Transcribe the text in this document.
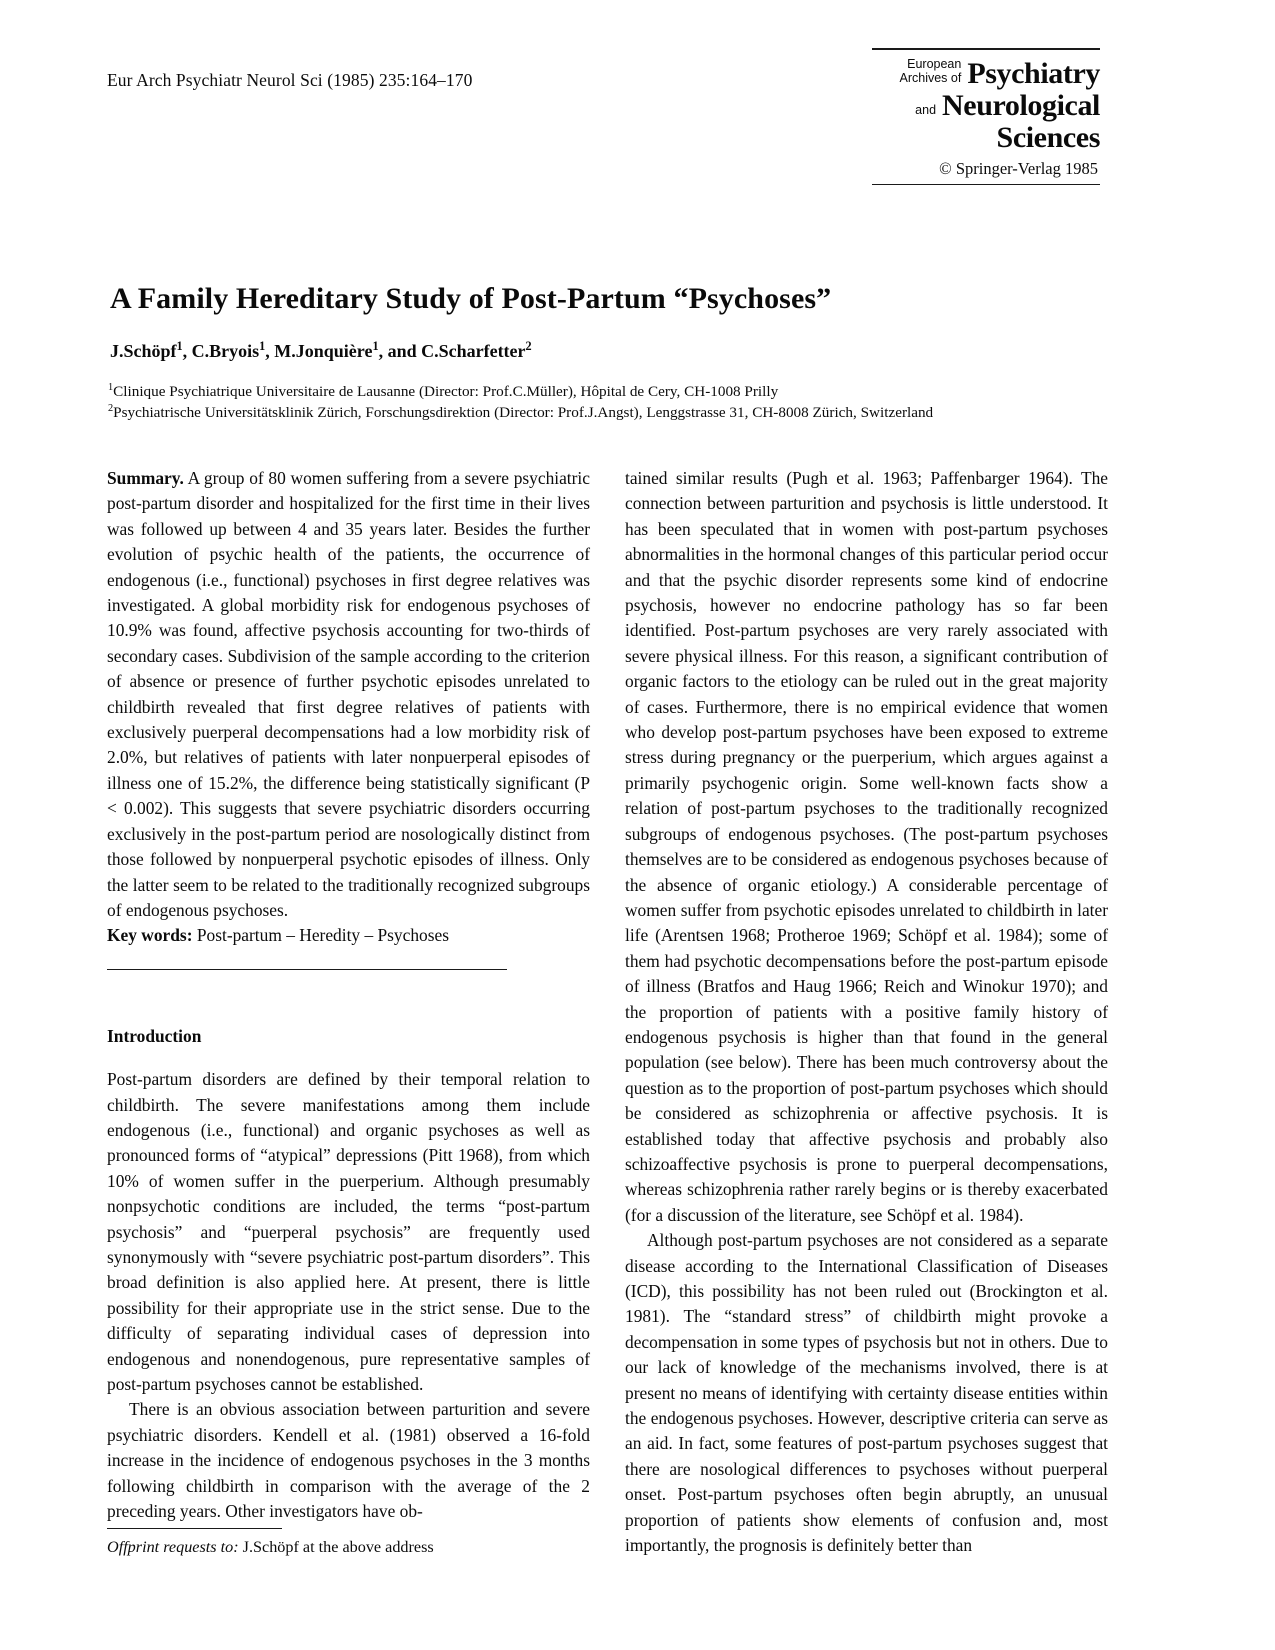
Eur Arch Psychiatr Neurol Sci (1985) 235:164–170
European
Archives of Psychiatry
and Neurological
Sciences
© Springer-Verlag 1985
A Family Hereditary Study of Post-Partum “Psychoses”
J.Schöpf$^1$, C.Bryois$^1$, M.Jonquière$^1$, and C.Scharfetter$^2$
$^1$Clinique Psychiatrique Universitaire de Lausanne (Director: Prof.C.Müller), Hôpital de Cery, CH-1008 Prilly
$^2$Psychiatrische Universitätsklinik Zürich, Forschungsdirektion (Director: Prof.J.Angst), Lenggstrasse 31, CH-8008 Zürich, Switzerland

Summary. A group of 80 women suffering from a severe psychiatric post-partum disorder and hospitalized for the first time in their lives was followed up between 4 and 35 years later. Besides the further evolution of psychic health of the patients, the occurrence of endogenous (i.e., functional) psychoses in first degree relatives was investigated. A global morbidity risk for endogenous psychoses of 10.9% was found, affective psychosis accounting for two-thirds of secondary cases. Subdivision of the sample according to the criterion of absence or presence of further psychotic episodes unrelated to childbirth revealed that first degree relatives of patients with exclusively puerperal decompensations had a low morbidity risk of 2.0%, but relatives of patients with later nonpuerperal episodes of illness one of 15.2%, the difference being statistically significant (P < 0.002). This suggests that severe psychiatric disorders occurring exclusively in the post-partum period are nosologically distinct from those followed by nonpuerperal psychotic episodes of illness. Only the latter seem to be related to the traditionally recognized subgroups of endogenous psychoses.

Key words: Post-partum – Heredity – Psychoses

Introduction

Post-partum disorders are defined by their temporal relation to childbirth. The severe manifestations among them include endogenous (i.e., functional) and organic psychoses as well as pronounced forms of “atypical” depressions (Pitt 1968), from which 10% of women suffer in the puerperium. Although presumably nonpsychotic conditions are included, the terms “post-partum psychosis” and “puerperal psychosis” are frequently used synonymously with “severe psychiatric post-partum disorders”. This broad definition is also applied here. At present, there is little possibility for their appropriate use in the strict sense. Due to the difficulty of separating individual cases of depression into endogenous and nonendogenous, pure representative samples of post-partum psychoses cannot be established.

There is an obvious association between parturition and severe psychiatric disorders. Kendell et al. (1981) observed a 16-fold increase in the incidence of endogenous psychoses in the 3 months following childbirth in comparison with the average of the 2 preceding years. Other investigators have ob-

tained similar results (Pugh et al. 1963; Paffenbarger 1964). The connection between parturition and psychosis is little understood. It has been speculated that in women with post-partum psychoses abnormalities in the hormonal changes of this particular period occur and that the psychic disorder represents some kind of endocrine psychosis, however no endocrine pathology has so far been identified. Post-partum psychoses are very rarely associated with severe physical illness. For this reason, a significant contribution of organic factors to the etiology can be ruled out in the great majority of cases. Furthermore, there is no empirical evidence that women who develop post-partum psychoses have been exposed to extreme stress during pregnancy or the puerperium, which argues against a primarily psychogenic origin. Some well-known facts show a relation of post-partum psychoses to the traditionally recognized subgroups of endogenous psychoses. (The post-partum psychoses themselves are to be considered as endogenous psychoses because of the absence of organic etiology.) A considerable percentage of women suffer from psychotic episodes unrelated to childbirth in later life (Arentsen 1968; Protheroe 1969; Schöpf et al. 1984); some of them had psychotic decompensations before the post-partum episode of illness (Bratfos and Haug 1966; Reich and Winokur 1970); and the proportion of patients with a positive family history of endogenous psychosis is higher than that found in the general population (see below). There has been much controversy about the question as to the proportion of post-partum psychoses which should be considered as schizophrenia or affective psychosis. It is established today that affective psychosis and probably also schizoaffective psychosis is prone to puerperal decompensations, whereas schizophrenia rather rarely begins or is thereby exacerbated (for a discussion of the literature, see Schöpf et al. 1984).

Although post-partum psychoses are not considered as a separate disease according to the International Classification of Diseases (ICD), this possibility has not been ruled out (Brockington et al. 1981). The “standard stress” of childbirth might provoke a decompensation in some types of psychosis but not in others. Due to our lack of knowledge of the mechanisms involved, there is at present no means of identifying with certainty disease entities within the endogenous psychoses. However, descriptive criteria can serve as an aid. In fact, some features of post-partum psychoses suggest that there are nosological differences to psychoses without puerperal onset. Post-partum psychoses often begin abruptly, an unusual proportion of patients show elements of confusion and, most importantly, the prognosis is definitely better than

Offprint requests to: J.Schöpf at the above address
